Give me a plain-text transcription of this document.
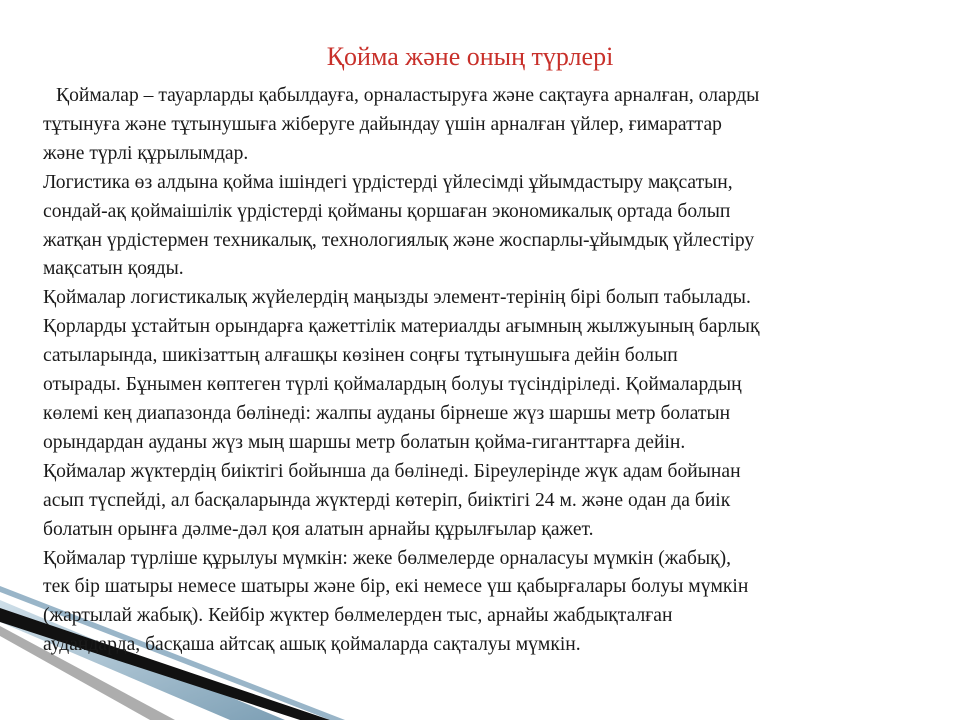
Қойма және оның түрлері
Қоймалар – тауарларды қабылдауға, орналастыруға және сақтауға арналған, оларды
тұтынуға және тұтынушыға жіберуге дайындау үшін арналған үйлер, ғимараттар
және түрлі құрылымдар.
Логистика өз алдына қойма ішіндегі үрдістерді үйлесімді ұйымдастыру мақсатын,
сондай-ақ қоймаішілік үрдістерді қойманы қоршаған экономикалық ортада болып
жатқан үрдістермен техникалық, технологиялық және жоспарлы-ұйымдық үйлестіру
мақсатын қояды.
Қоймалар логистикалық жүйелердің маңызды элемент-терінің бірі болып табылады.
Қорларды ұстайтын орындарға қажеттілік материалды ағымның жылжуының барлық
сатыларында, шикізаттың алғашқы көзінен соңғы тұтынушыға дейін болып
отырады. Бұнымен көптеген түрлі қоймалардың болуы түсіндіріледі. Қоймалардың
көлемі кең диапазонда бөлінеді: жалпы ауданы бірнеше жүз шаршы метр болатын
орындардан ауданы жүз мың шаршы метр болатын қойма-гиганттарға дейін.
Қоймалар жүктердің биіктігі бойынша да бөлінеді. Біреулерінде жүк адам бойынан
асып түспейді, ал басқаларында жүктерді көтеріп, биіктігі 24 м. және одан да биік
болатын орынға дәлме-дәл қоя алатын арнайы құрылғылар қажет.
Қоймалар түрліше құрылуы мүмкін: жеке бөлмелерде орналасуы мүмкін (жабық),
тек бір шатыры немесе шатыры және бір, екі немесе үш қабырғалары болуы мүмкін
(жартылай жабық). Кейбір жүктер бөлмелерден тыс, арнайы жабдықталған
аудандарда, басқаша айтсақ ашық қоймаларда сақталуы мүмкін.
